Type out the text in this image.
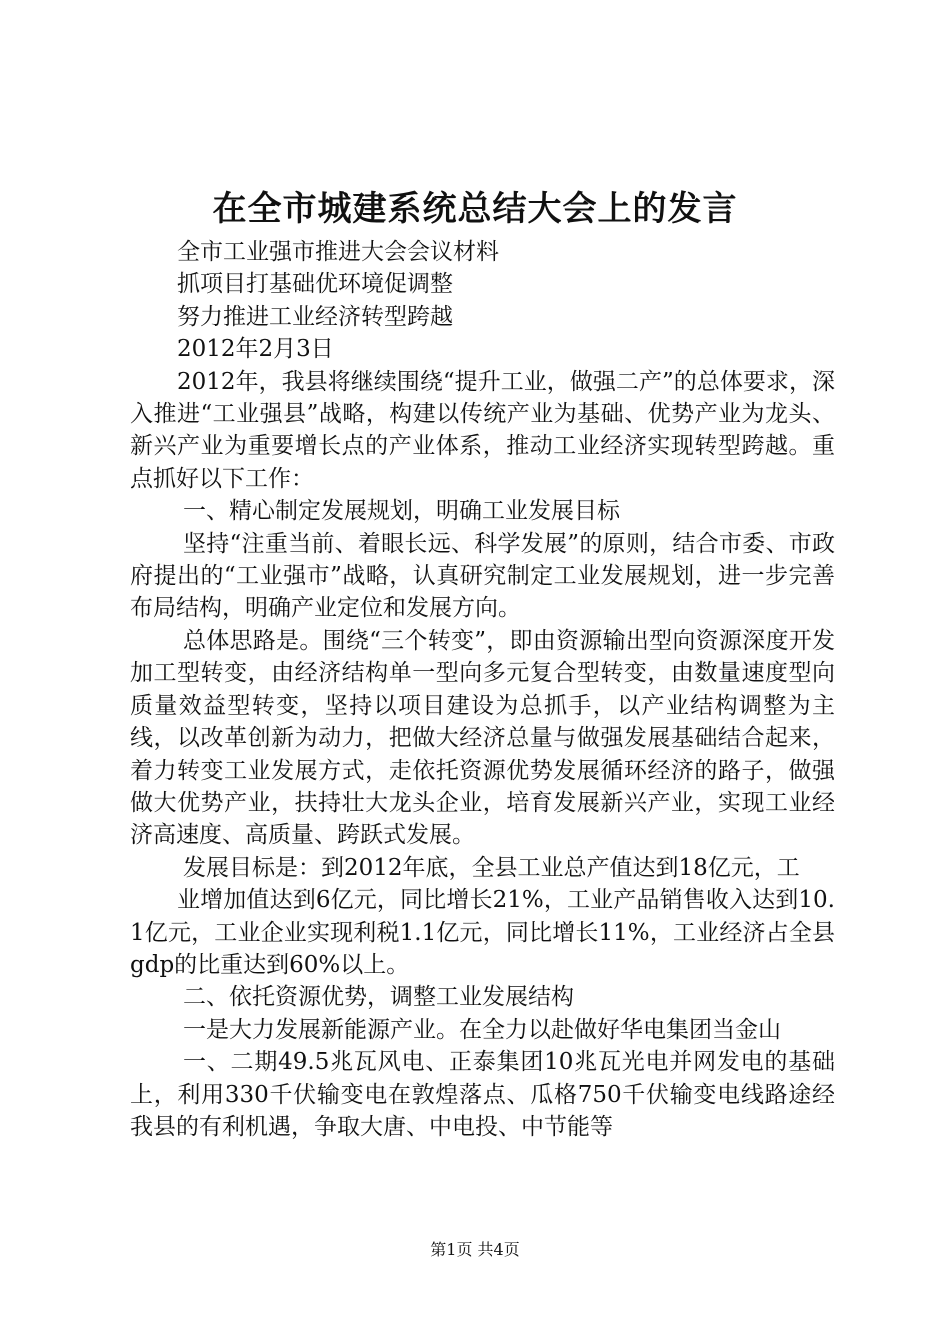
在全市城建系统总结大会上的发言

全市工业强市推进大会会议材料

抓项目打基础优环境促调整

努力推进工业经济转型跨越

2012年2月3日

2012年，我县将继续围绕“提升工业，做强二产”的总体要求，深入推进“工业强县”战略，构建以传统产业为基础、优势产业为龙头、新兴产业为重要增长点的产业体系，推动工业经济实现转型跨越。重点抓好以下工作：

一、精心制定发展规划，明确工业发展目标

坚持“注重当前、着眼长远、科学发展”的原则，结合市委、市政府提出的“工业强市”战略，认真研究制定工业发展规划，进一步完善布局结构，明确产业定位和发展方向。

总体思路是。围绕“三个转变”，即由资源输出型向资源深度开发加工型转变，由经济结构单一型向多元复合型转变，由数量速度型向质量效益型转变，坚持以项目建设为总抓手，以产业结构调整为主线，以改革创新为动力，把做大经济总量与做强发展基础结合起来，着力转变工业发展方式，走依托资源优势发展循环经济的路子，做强做大优势产业，扶持壮大龙头企业，培育发展新兴产业，实现工业经济高速度、高质量、跨跃式发展。

发展目标是：到2012年底，全县工业总产值达到18亿元，工

业增加值达到6亿元，同比增长21%，工业产品销售收入达到10.1亿元，工业企业实现利税1.1亿元，同比增长11%，工业经济占全县gdp的比重达到60%以上。

二、依托资源优势，调整工业发展结构

一是大力发展新能源产业。在全力以赴做好华电集团当金山

一、二期49.5兆瓦风电、正泰集团10兆瓦光电并网发电的基础上，利用330千伏输变电在敦煌落点、瓜格750千伏输变电线路途经我县的有利机遇，争取大唐、中电投、中节能等

第1页 共4页
